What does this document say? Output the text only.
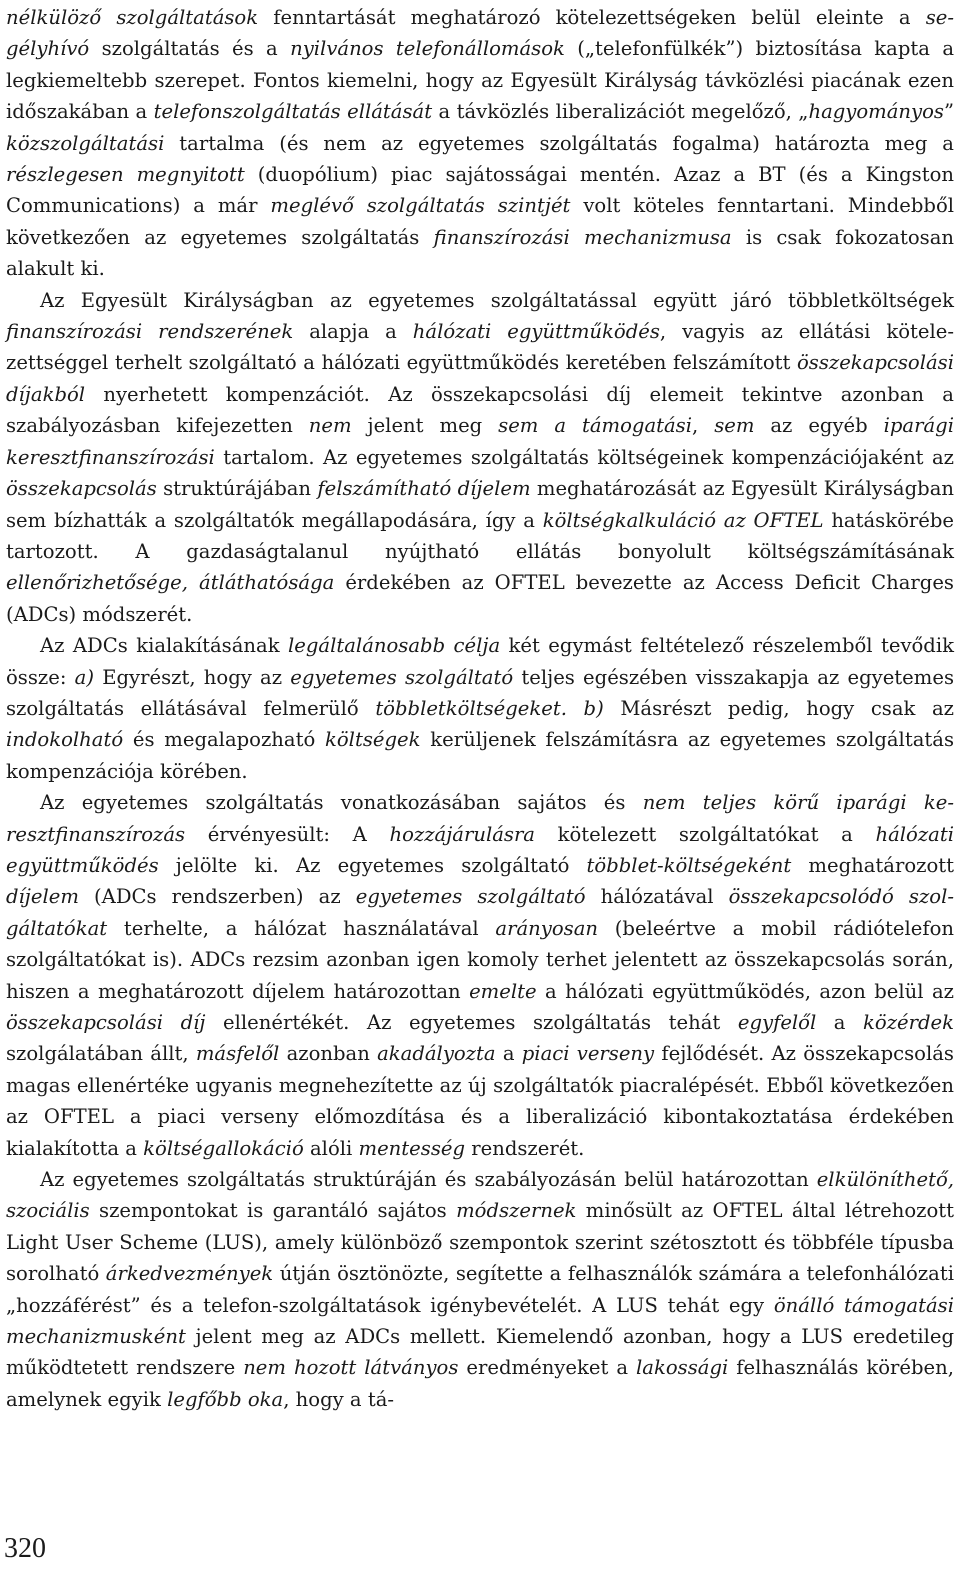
nélkülöző szolgáltatások fenntartását meghatározó kötelezettségeken belül eleinte a segélyhívó szolgáltatás és a nyilvános telefonállomások („telefonfülkék”) biztosítása kapta a legkiemeltebb szerepet. Fontos kiemelni, hogy az Egyesült Királyság távközlési piacának ezen időszakában a telefonszolgáltatás ellátását a távközlés liberalizációt megelőző, „hagyományos” közszolgáltatási tartalma (és nem az egyetemes szolgáltatás fogalma) határozta meg a részlegesen megnyitott (duopólium) piac sajátosságai mentén. Azaz a BT (és a Kingston Communications) a már meglévő szolgáltatás szintjét volt köteles fenntartani. Mindebből következően az egyetemes szolgáltatás finanszírozási mechanizmusa is csak fokozatosan alakult ki.

Az Egyesült Királyságban az egyetemes szolgáltatással együtt járó többletköltségek finanszírozási rendszerének alapja a hálózati együttműködés, vagyis az ellátási kötelezettséggel terhelt szolgáltató a hálózati együttműködés keretében felszámított összekapcsolási díjakból nyerhetett kompenzációt. Az összekapcsolási díj elemeit tekintve azonban a szabályozásban kifejezetten nem jelent meg sem a támogatási, sem az egyéb iparági keresztfinanszírozási tartalom. Az egyetemes szolgáltatás költségeinek kompenzációjaként az összekapcsolás struktúrájában felszámítható díjelem meghatározását az Egyesült Királyságban sem bízhatták a szolgáltatók megállapodására, így a költségkalkuláció az OFTEL hatáskörébe tartozott. A gazdaságtalanul nyújtható ellátás bonyolult költségszámításának ellenőrizhetősége, átláthatósága érdekében az OFTEL bevezette az Access Deficit Charges (ADCs) módszerét.

Az ADCs kialakításának legáltalánosabb célja két egymást feltételező részelemből tevődik össze: a) Egyrészt, hogy az egyetemes szolgáltató teljes egészében visszakapja az egyetemes szolgáltatás ellátásával felmerülő többletköltségeket. b) Másrészt pedig, hogy csak az indokolható és megalapozható költségek kerüljenek felszámításra az egyetemes szolgáltatás kompenzációja körében.

Az egyetemes szolgáltatás vonatkozásában sajátos és nem teljes körű iparági keresztfinanszírozás érvényesült: A hozzájárulásra kötelezett szolgáltatókat a hálózati együttműködés jelölte ki. Az egyetemes szolgáltató többlet-költségeként meghatározott díjelem (ADCs rendszerben) az egyetemes szolgáltató hálózatával összekapcsolódó szolgáltatókat terhelte, a hálózat használatával arányosan (beleértve a mobil rádiótelefon szolgáltatókat is). ADCs rezsim azonban igen komoly terhet jelentett az összekapcsolás során, hiszen a meghatározott díjelem határozottan emelte a hálózati együttműködés, azon belül az összekapcsolási díj ellenértékét. Az egyetemes szolgáltatás tehát egyfelől a közérdek szolgálatában állt, másfelől azonban akadályozta a piaci verseny fejlődését. Az összekapcsolás magas ellenértéke ugyanis megnehezítette az új szolgáltatók piacralépését. Ebből következően az OFTEL a piaci verseny előmozdítása és a liberalizáció kibontakoztatása érdekében kialakította a költségallokáció alóli mentesség rendszerét.

Az egyetemes szolgáltatás struktúráján és szabályozásán belül határozottan elkülöníthető, szociális szempontokat is garantáló sajátos módszernek minősült az OFTEL által létrehozott Light User Scheme (LUS), amely különböző szempontok szerint szétosztott és többféle típusba sorolható árkedvezmények útján ösztönözte, segítette a felhasználók számára a telefonhálózati „hozzáférést” és a telefon-szolgáltatások igénybevételét. A LUS tehát egy önálló támogatási mechanizmusként jelent meg az ADCs mellett. Kiemelendő azonban, hogy a LUS eredetileg működtetett rendszere nem hozott látványos eredményeket a lakossági felhasználás körében, amelynek egyik legfőbb oka, hogy a tá-

320
